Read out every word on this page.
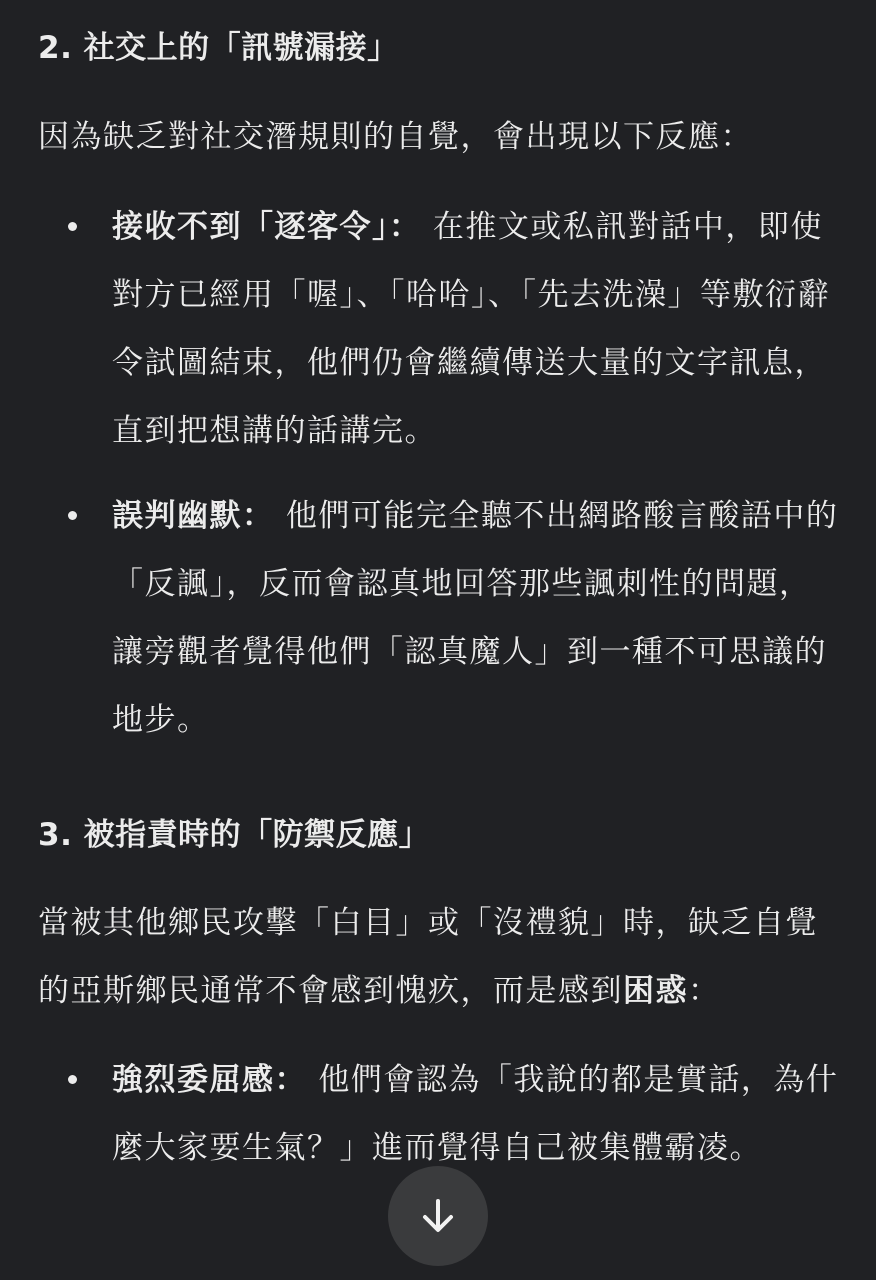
2. 社交上的「訊號漏接」

因為缺乏對社交潛規則的自覺，會出現以下反應：

接收不到「逐客令」： 在推文或私訊對話中，即使對方已經用「喔」、「哈哈」、「先去洗澡」等敷衍辭令試圖結束，他們仍會繼續傳送大量的文字訊息，直到把想講的話講完。

誤判幽默： 他們可能完全聽不出網路酸言酸語中的「反諷」，反而會認真地回答那些諷刺性的問題，讓旁觀者覺得他們「認真魔人」到一種不可思議的地步。

3. 被指責時的「防禦反應」

當被其他鄉民攻擊「白目」或「沒禮貌」時，缺乏自覺的亞斯鄉民通常不會感到愧疚，而是感到困惑：

強烈委屈感： 他們會認為「我說的都是實話，為什麼大家要生氣？」進而覺得自己被集體霸凌。
